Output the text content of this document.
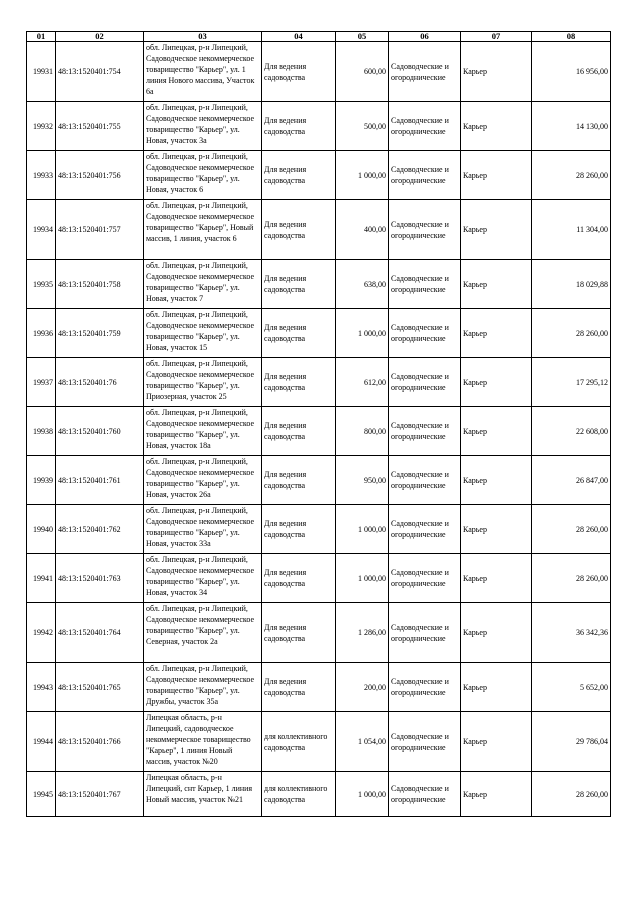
01	02	03	04	05	06	07	08
19931	48:13:1520401:754	обл. Липецкая, р-н Липецкий, Садоводческое некоммерческое товарищество "Карьер", ул. 1 линия Нового массива, Участок 6а	Для ведения садоводства	600,00	Садоводческие и огороднические	Карьер	16 956,00
19932	48:13:1520401:755	обл. Липецкая, р-н Липецкий, Садоводческое некоммерческое товарищество "Карьер", ул. Новая, участок 3а	Для ведения садоводства	500,00	Садоводческие и огороднические	Карьер	14 130,00
19933	48:13:1520401:756	обл. Липецкая, р-н Липецкий, Садоводческое некоммерческое товарищество "Карьер", ул. Новая, участок 6	Для ведения садоводства	1 000,00	Садоводческие и огороднические	Карьер	28 260,00
19934	48:13:1520401:757	обл. Липецкая, р-н Липецкий, Садоводческое некоммерческое товарищество "Карьер", Новый массив, 1 линия, участок 6	Для ведения садоводства	400,00	Садоводческие и огороднические	Карьер	11 304,00
19935	48:13:1520401:758	обл. Липецкая, р-н Липецкий, Садоводческое некоммерческое товарищество "Карьер", ул. Новая, участок 7	Для ведения садоводства	638,00	Садоводческие и огороднические	Карьер	18 029,88
19936	48:13:1520401:759	обл. Липецкая, р-н Липецкий, Садоводческое некоммерческое товарищество "Карьер", ул. Новая, участок 15	Для ведения садоводства	1 000,00	Садоводческие и огороднические	Карьер	28 260,00
19937	48:13:1520401:76	обл. Липецкая, р-н Липецкий, Садоводческое некоммерческое товарищество "Карьер", ул. Приозерная, участок 25	Для ведения садоводства	612,00	Садоводческие и огороднические	Карьер	17 295,12
19938	48:13:1520401:760	обл. Липецкая, р-н Липецкий, Садоводческое некоммерческое товарищество "Карьер", ул. Новая, участок 18а	Для ведения садоводства	800,00	Садоводческие и огороднические	Карьер	22 608,00
19939	48:13:1520401:761	обл. Липецкая, р-н Липецкий, Садоводческое некоммерческое товарищество "Карьер", ул. Новая, участок 26а	Для ведения садоводства	950,00	Садоводческие и огороднические	Карьер	26 847,00
19940	48:13:1520401:762	обл. Липецкая, р-н Липецкий, Садоводческое некоммерческое товарищество "Карьер", ул. Новая, участок 33а	Для ведения садоводства	1 000,00	Садоводческие и огороднические	Карьер	28 260,00
19941	48:13:1520401:763	обл. Липецкая, р-н Липецкий, Садоводческое некоммерческое товарищество "Карьер", ул. Новая, участок 34	Для ведения садоводства	1 000,00	Садоводческие и огороднические	Карьер	28 260,00
19942	48:13:1520401:764	обл. Липецкая, р-н Липецкий, Садоводческое некоммерческое товарищество "Карьер", ул. Северная, участок 2а	Для ведения садоводства	1 286,00	Садоводческие и огороднические	Карьер	36 342,36
19943	48:13:1520401:765	обл. Липецкая, р-н Липецкий, Садоводческое некоммерческое товарищество "Карьер", ул. Дружбы, участок 35а	Для ведения садоводства	200,00	Садоводческие и огороднические	Карьер	5 652,00
19944	48:13:1520401:766	Липецкая область, р-н Липецкий, садоводческое некоммерческое товарищество "Карьер", 1 линия Новый массив, участок №20	для коллективного садоводства	1 054,00	Садоводческие и огороднические	Карьер	29 786,04
19945	48:13:1520401:767	Липецкая область, р-н Липецкий, снт Карьер, 1 линия Новый массив, участок №21	для коллективного садоводства	1 000,00	Садоводческие и огороднические	Карьер	28 260,00
